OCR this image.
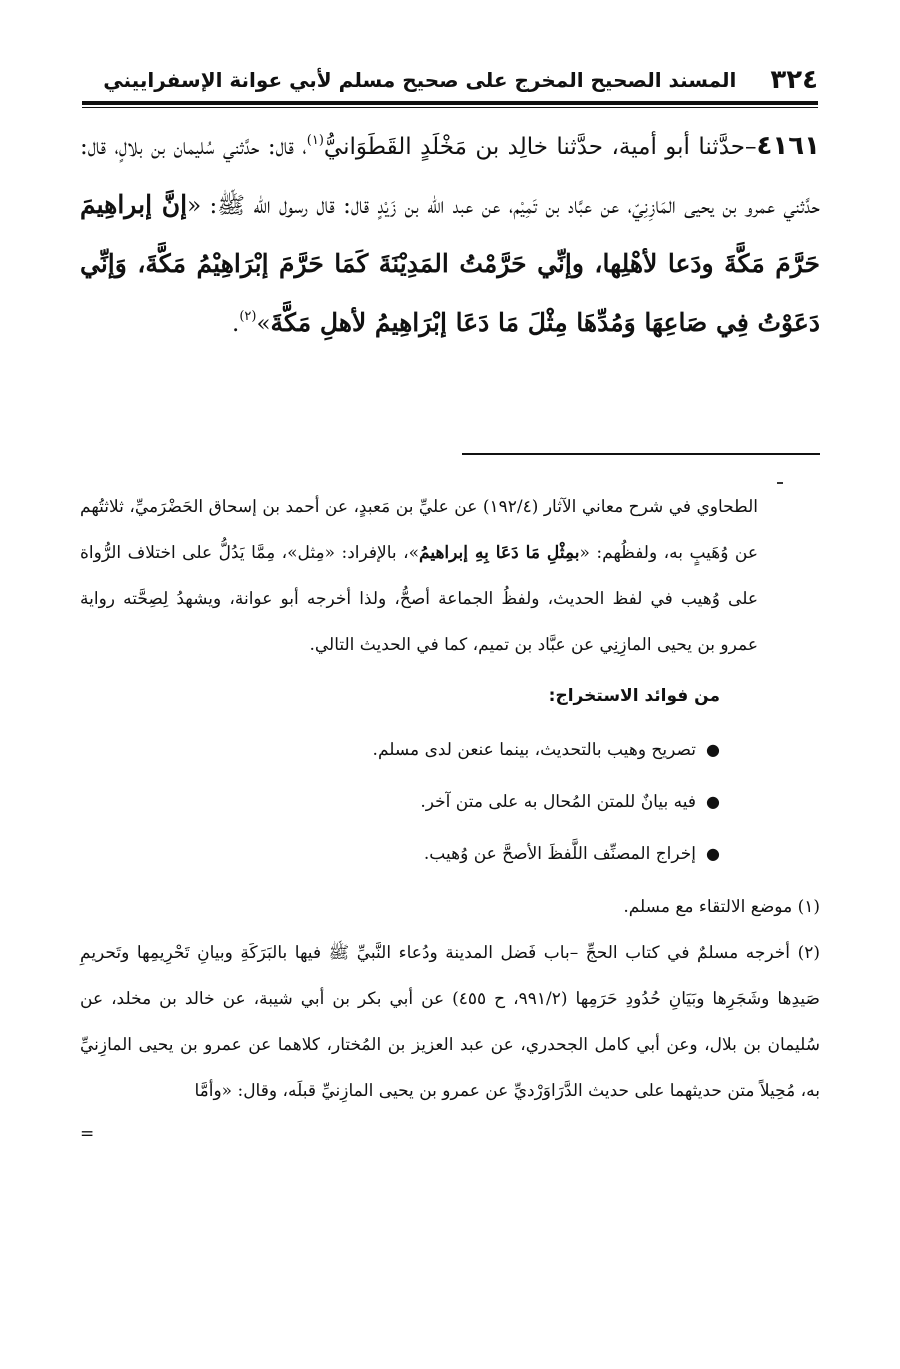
٣٢٤
المسند الصحيح المخرج على صحيح مسلم لأبي عوانة الإسفراييني
٤١٦١–حدَّثنا أبو أمية، حدَّثنا خالِد بن مَخْلَدٍ القَطَوَانيُّ$^{(١)}$، قال: حدَّثني سُليمان بن بلالٍ، قال: حدَّثني عمرو بن يحيى المَازِنِيّ، عن عبَّاد بن تَمِيْم، عن عبد الله بن زَيْدٍ قال: قال رسول الله ﷺ: «إنَّ إبراهِيمَ حَرَّمَ مَكَّةَ ودَعا لأهْلِها، وإنِّي حَرَّمْتُ المَدِيْنَةَ كَمَا حَرَّمَ إبْرَاهِيْمُ مَكَّةَ، وَإنِّي دَعَوْتُ فِي صَاعِهَا وَمُدِّهَا مِثْلَ مَا دَعَا إبْرَاهِيمُ لأهلِ مَكَّةَ»$^{(٢)}$.

الطحاوي في شرح معاني الآثار (١٩٢/٤) عن عليِّ بن مَعبدٍ، عن أحمد بن إسحاق الحَضْرَميِّ، ثلاثتُهم عن وُهَيبٍ به، ولفظُهم: «بمِثْلِ مَا دَعَا بِهِ إبراهيمُ»، بالإفراد: «مِثل»، مِمَّا يَدُلُّ على اختلاف الرُّواة على وُهيب في لفظ الحديث، ولفظُ الجماعة أصحُّ، ولذا أخرجه أبو عوانة، ويشهدُ لِصِحَّته رواية عمرو بن يحيى المازِنِي عن عبَّاد بن تميم، كما في الحديث التالي.

من فوائد الاستخراج:

●
تصريح وهيب بالتحديث، بينما عنعن لدى مسلم.
●
فيه بيانٌ للمتن المُحال به على متن آخر.
●
إخراج المصنِّف اللَّفظَ الأصحَّ عن وُهيب.

(١) موضع الالتقاء مع مسلم.

(٢) أخرجه مسلمٌ في كتاب الحجِّ –باب فَضل المدينة ودُعاء النَّبيِّ ﷺ فيها بالبَرَكَةِ وبيانِ تَحْرِيمِها وتَحريمِ صَيدِها وشَجَرِها وبَيَانِ حُدُودِ حَرَمِها (٩٩١/٢، ح ٤٥٥) عن أبي بكر بن أبي شيبة، عن خالد بن مخلد، عن سُليمان بن بلال، وعن أبي كامل الجحدري، عن عبد العزيز بن المُختار، كلاهما عن عمرو بن يحيى المازِنيِّ به، مُحِيلاً متن حديثهما على حديث الدَّرَاوَرْديِّ عن عمرو بن يحيى المازِنيِّ قبلَه، وقال: «وأمَّا

=
